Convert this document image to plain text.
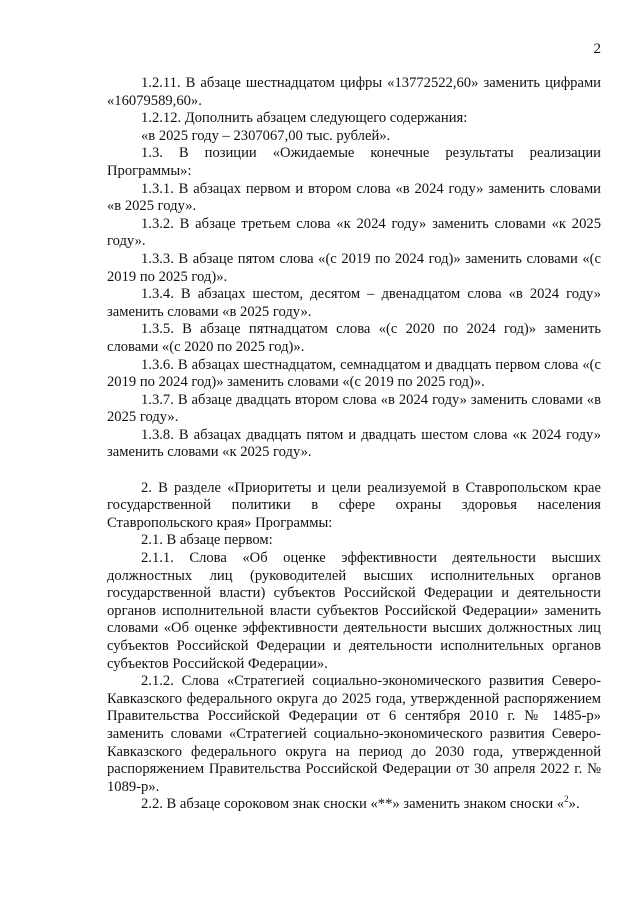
2

1.2.11. В абзаце шестнадцатом цифры «13772522,60» заменить цифрами «16079589,60».

1.2.12. Дополнить абзацем следующего содержания:

«в 2025 году – 2307067,00 тыс. рублей».

1.3. В позиции «Ожидаемые конечные результаты реализации Программы»:

1.3.1. В абзацах первом и втором слова «в 2024 году» заменить словами «в 2025 году».

1.3.2. В абзаце третьем слова «к 2024 году» заменить словами «к 2025 году».

1.3.3. В абзаце пятом слова «(с 2019 по 2024 год)» заменить словами «(с 2019 по 2025 год)».

1.3.4. В абзацах шестом, десятом – двенадцатом слова «в 2024 году» заменить словами «в 2025 году».

1.3.5. В абзаце пятнадцатом слова «(с 2020 по 2024 год)» заменить словами «(с 2020 по 2025 год)».

1.3.6. В абзацах шестнадцатом, семнадцатом и двадцать первом слова «(с 2019 по 2024 год)» заменить словами «(с 2019 по 2025 год)».

1.3.7. В абзаце двадцать втором слова «в 2024 году» заменить словами «в 2025 году».

1.3.8. В абзацах двадцать пятом и двадцать шестом слова «к 2024 году» заменить словами «к 2025 году».

2. В разделе «Приоритеты и цели реализуемой в Ставропольском крае государственной политики в сфере охраны здоровья населения Ставропольского края» Программы:

2.1. В абзаце первом:

2.1.1. Слова «Об оценке эффективности деятельности высших должностных лиц (руководителей высших исполнительных органов государственной власти) субъектов Российской Федерации и деятельности органов исполнительной власти субъектов Российской Федерации» заменить словами «Об оценке эффективности деятельности высших должностных лиц субъектов Российской Федерации и деятельности исполнительных органов субъектов Российской Федерации».

2.1.2. Слова «Стратегией социально-экономического развития Северо-Кавказского федерального округа до 2025 года, утвержденной распоряжением Правительства Российской Федерации от 6 сентября 2010 г. № 1485-р» заменить словами «Стратегией социально-экономического развития Северо-Кавказского федерального округа на период до 2030 года, утвержденной распоряжением Правительства Российской Федерации от 30 апреля 2022 г. № 1089-р».

2.2. В абзаце сороковом знак сноски «**» заменить знаком сноски «$^2$».
